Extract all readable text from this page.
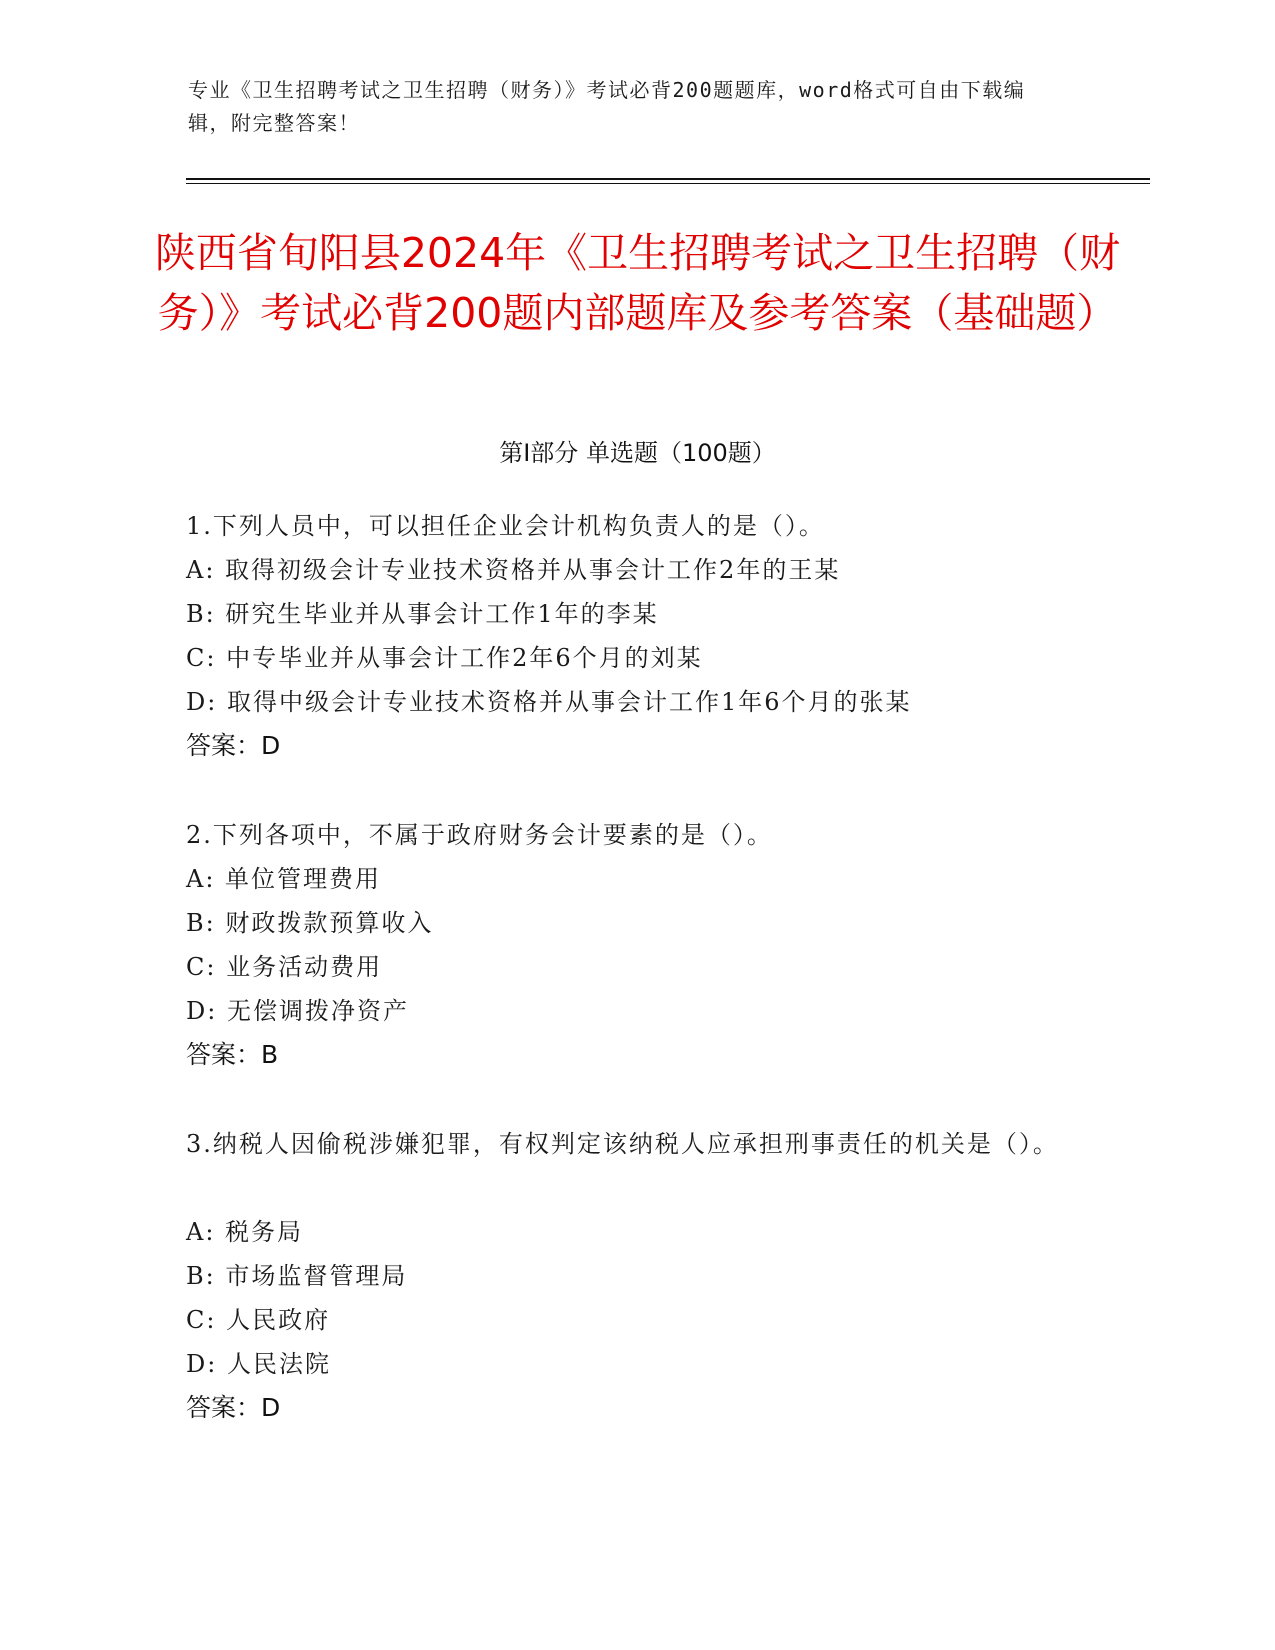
专业《卫生招聘考试之卫生招聘（财务）》考试必背200题题库，word格式可自由下载编辑，附完整答案！
陕西省旬阳县2024年《卫生招聘考试之卫生招聘（财务）》考试必背200题内部题库及参考答案（基础题）
第I部分 单选题（100题）
1.下列人员中，可以担任企业会计机构负责人的是（）。
A: 取得初级会计专业技术资格并从事会计工作2年的王某
B: 研究生毕业并从事会计工作1年的李某
C: 中专毕业并从事会计工作2年6个月的刘某
D: 取得中级会计专业技术资格并从事会计工作1年6个月的张某
答案：D
2.下列各项中，不属于政府财务会计要素的是（）。
A: 单位管理费用
B: 财政拨款预算收入
C: 业务活动费用
D: 无偿调拨净资产
答案：B
3.纳税人因偷税涉嫌犯罪，有权判定该纳税人应承担刑事责任的机关是（）。
A: 税务局
B: 市场监督管理局
C: 人民政府
D: 人民法院
答案：D
